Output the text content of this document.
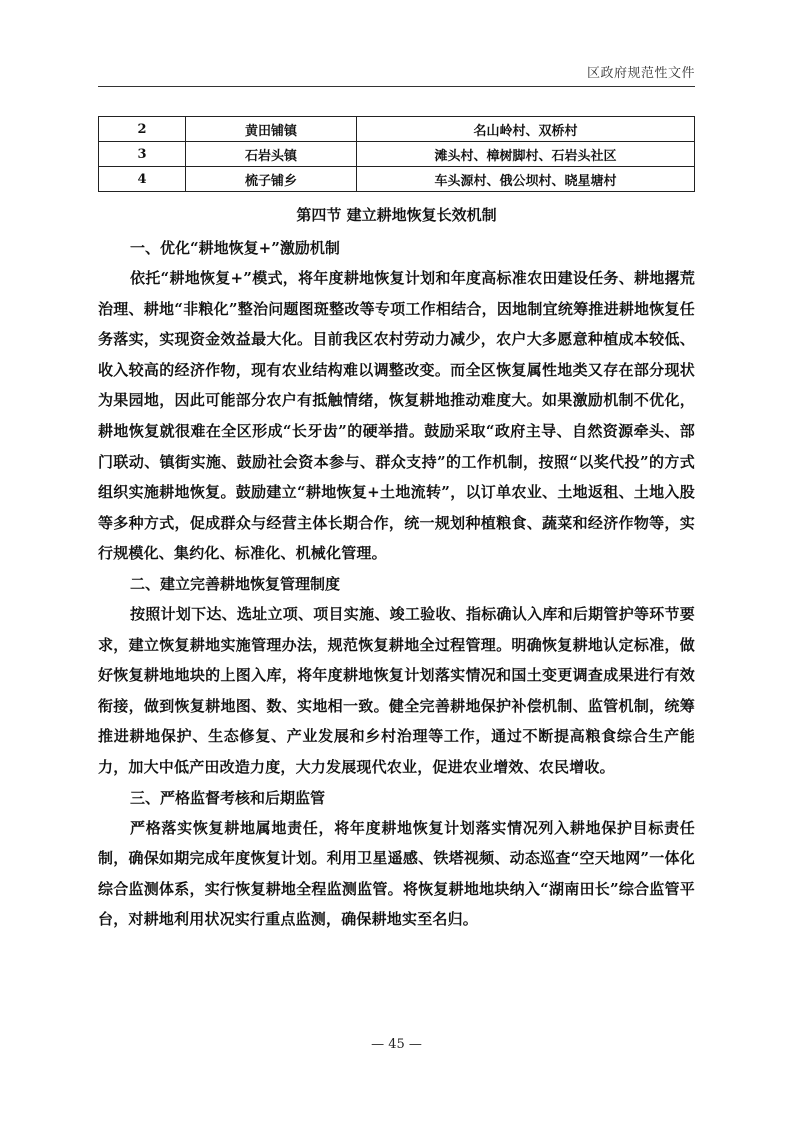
区政府规范性文件
2	黄田铺镇	名山岭村、双桥村
3	石岩头镇	滩头村、樟树脚村、石岩头社区
4	梳子铺乡	车头源村、俄公坝村、晓星塘村
第四节 建立耕地恢复长效机制

一、优化“耕地恢复+”激励机制

依托“耕地恢复+”模式，将年度耕地恢复计划和年度高标准农田建设任务、耕地撂荒治理、耕地“非粮化”整治问题图斑整改等专项工作相结合，因地制宜统筹推进耕地恢复任务落实，实现资金效益最大化。目前我区农村劳动力减少，农户大多愿意种植成本较低、收入较高的经济作物，现有农业结构难以调整改变。而全区恢复属性地类又存在部分现状为果园地，因此可能部分农户有抵触情绪，恢复耕地推动难度大。如果激励机制不优化，耕地恢复就很难在全区形成“长牙齿”的硬举措。鼓励采取“政府主导、自然资源牵头、部门联动、镇街实施、鼓励社会资本参与、群众支持”的工作机制，按照“以奖代投”的方式组织实施耕地恢复。鼓励建立“耕地恢复+土地流转”，以订单农业、土地返租、土地入股等多种方式，促成群众与经营主体长期合作，统一规划种植粮食、蔬菜和经济作物等，实行规模化、集约化、标准化、机械化管理。

二、建立完善耕地恢复管理制度

按照计划下达、选址立项、项目实施、竣工验收、指标确认入库和后期管护等环节要求，建立恢复耕地实施管理办法，规范恢复耕地全过程管理。明确恢复耕地认定标准，做好恢复耕地地块的上图入库，将年度耕地恢复计划落实情况和国土变更调查成果进行有效衔接，做到恢复耕地图、数、实地相一致。健全完善耕地保护补偿机制、监管机制，统筹推进耕地保护、生态修复、产业发展和乡村治理等工作，通过不断提高粮食综合生产能力，加大中低产田改造力度，大力发展现代农业，促进农业增效、农民增收。

三、严格监督考核和后期监管

严格落实恢复耕地属地责任，将年度耕地恢复计划落实情况列入耕地保护目标责任制，确保如期完成年度恢复计划。利用卫星遥感、铁塔视频、动态巡查“空天地网”一体化综合监测体系，实行恢复耕地全程监测监管。将恢复耕地地块纳入“湖南田长”综合监管平台，对耕地利用状况实行重点监测，确保耕地实至名归。

— 45 —
